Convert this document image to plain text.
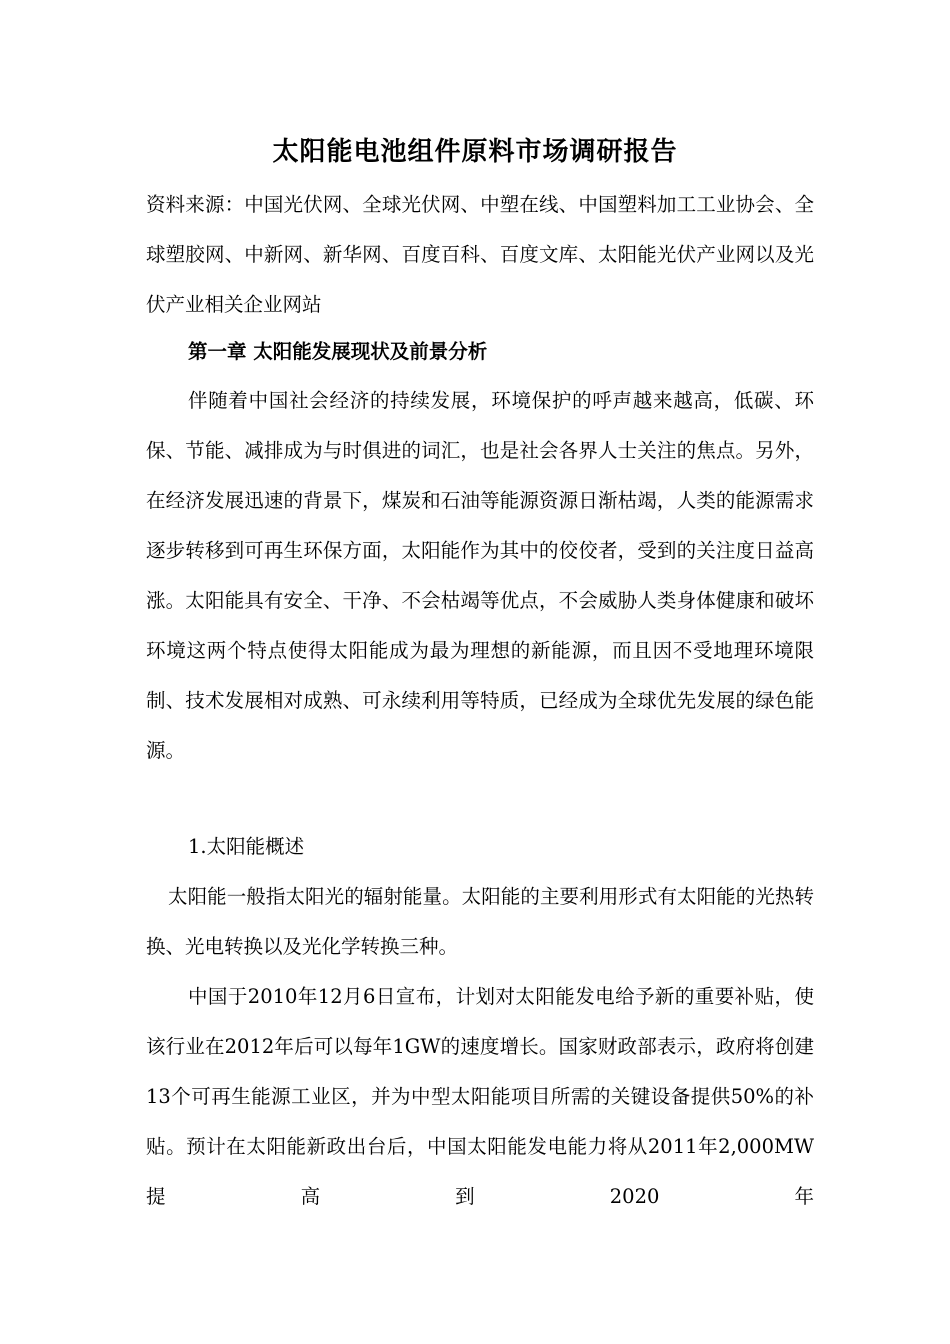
太阳能电池组件原料市场调研报告

资料来源：中国光伏网、全球光伏网、中塑在线、中国塑料加工工业协会、全球塑胶网、中新网、新华网、百度百科、百度文库、太阳能光伏产业网以及光伏产业相关企业网站

第一章 太阳能发展现状及前景分析

伴随着中国社会经济的持续发展，环境保护的呼声越来越高，低碳、环保、节能、减排成为与时俱进的词汇，也是社会各界人士关注的焦点。另外，在经济发展迅速的背景下，煤炭和石油等能源资源日渐枯竭，人类的能源需求逐步转移到可再生环保方面，太阳能作为其中的佼佼者，受到的关注度日益高涨。太阳能具有安全、干净、不会枯竭等优点，不会威胁人类身体健康和破坏环境这两个特点使得太阳能成为最为理想的新能源，而且因不受地理环境限制、技术发展相对成熟、可永续利用等特质，已经成为全球优先发展的绿色能源。

1.太阳能概述

太阳能一般指太阳光的辐射能量。太阳能的主要利用形式有太阳能的光热转换、光电转换以及光化学转换三种。

中国于2010年12月6日宣布，计划对太阳能发电给予新的重要补贴，使该行业在2012年后可以每年1GW的速度增长。国家财政部表示，政府将创建13个可再生能源工业区，并为中型太阳能项目所需的关键设备提供50%的补贴。预计在太阳能新政出台后，中国太阳能发电能力将从2011年2,000MW提高到2020年
